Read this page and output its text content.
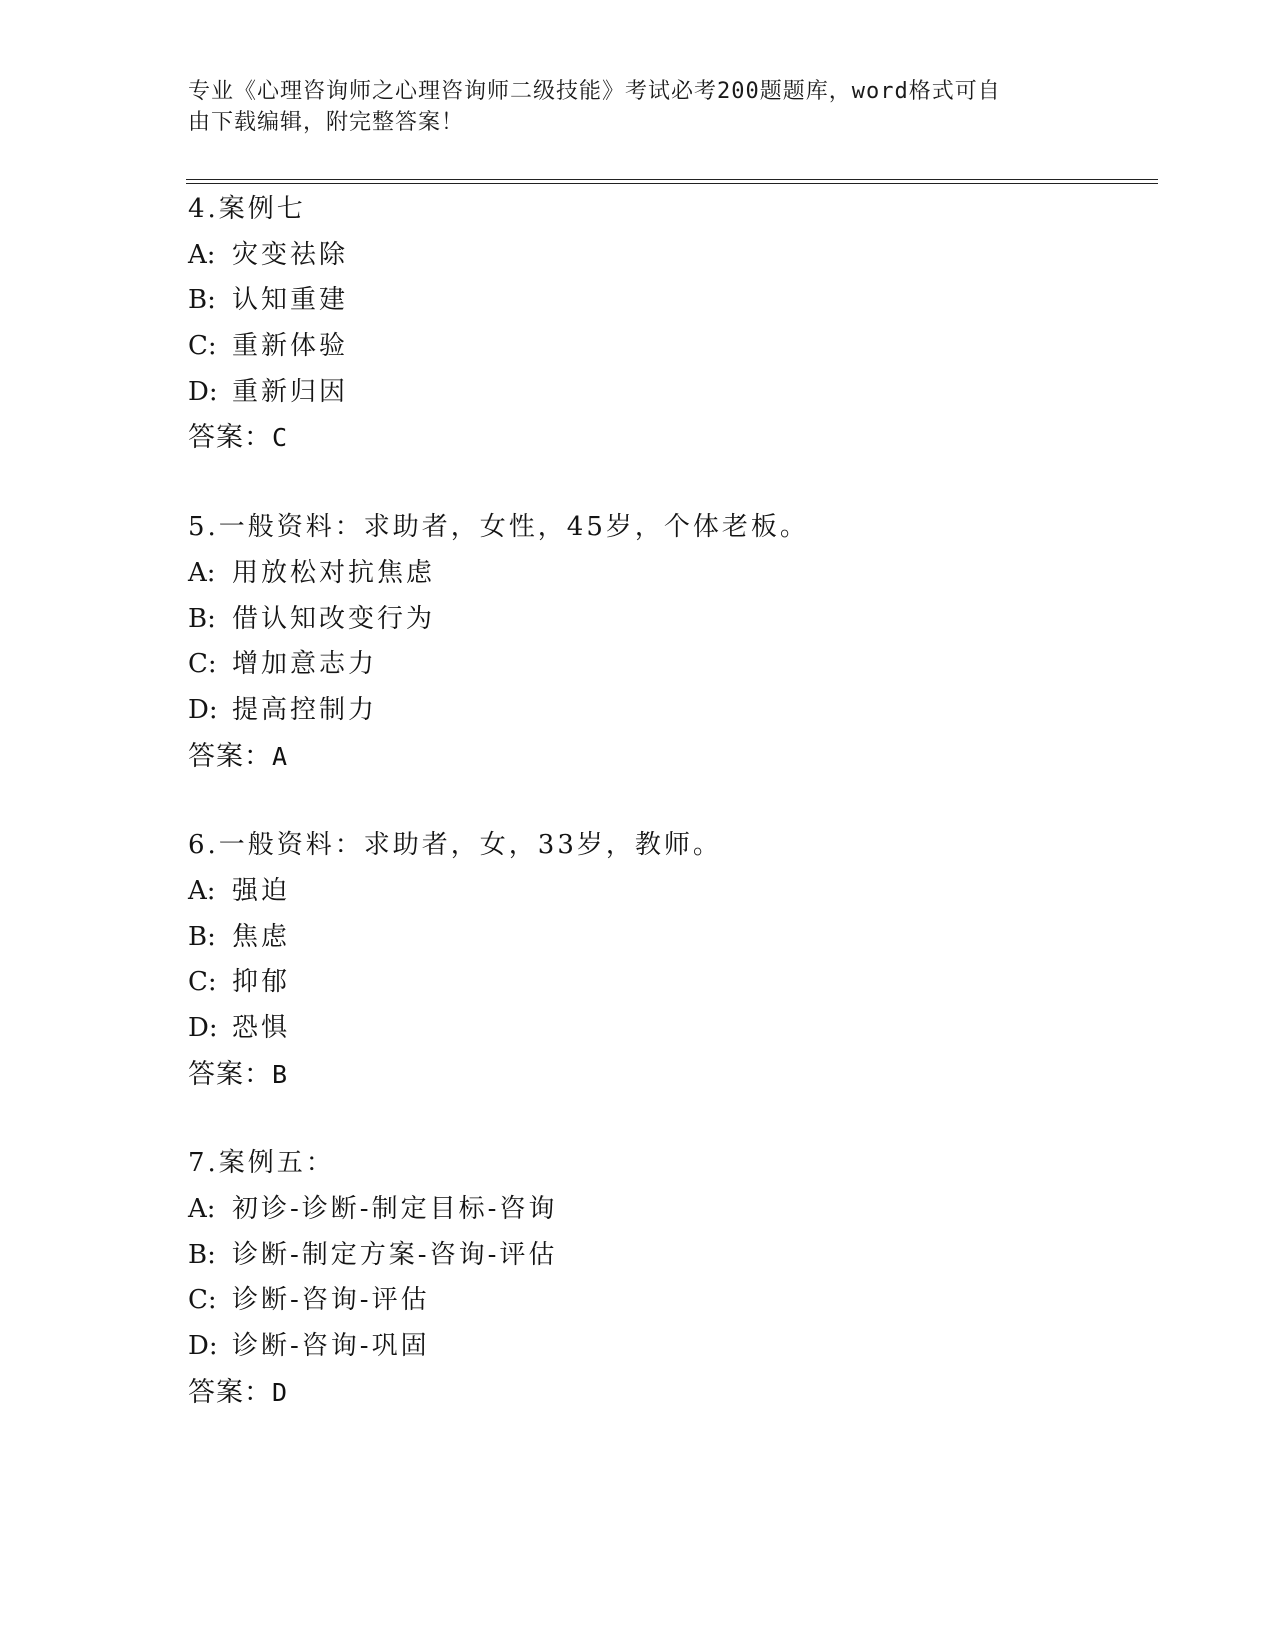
专业《心理咨询师之心理咨询师二级技能》考试必考200题题库，word格式可自
由下载编辑，附完整答案！
4.案例七
A: 灾变祛除
B: 认知重建
C: 重新体验
D: 重新归因
答案：C
5.一般资料：求助者，女性，45岁，个体老板。
A: 用放松对抗焦虑
B: 借认知改变行为
C: 增加意志力
D: 提高控制力
答案：A
6.一般资料：求助者，女，33岁，教师。
A: 强迫
B: 焦虑
C: 抑郁
D: 恐惧
答案：B
7.案例五：
A: 初诊-诊断-制定目标-咨询
B: 诊断-制定方案-咨询-评估
C: 诊断-咨询-评估
D: 诊断-咨询-巩固
答案：D
